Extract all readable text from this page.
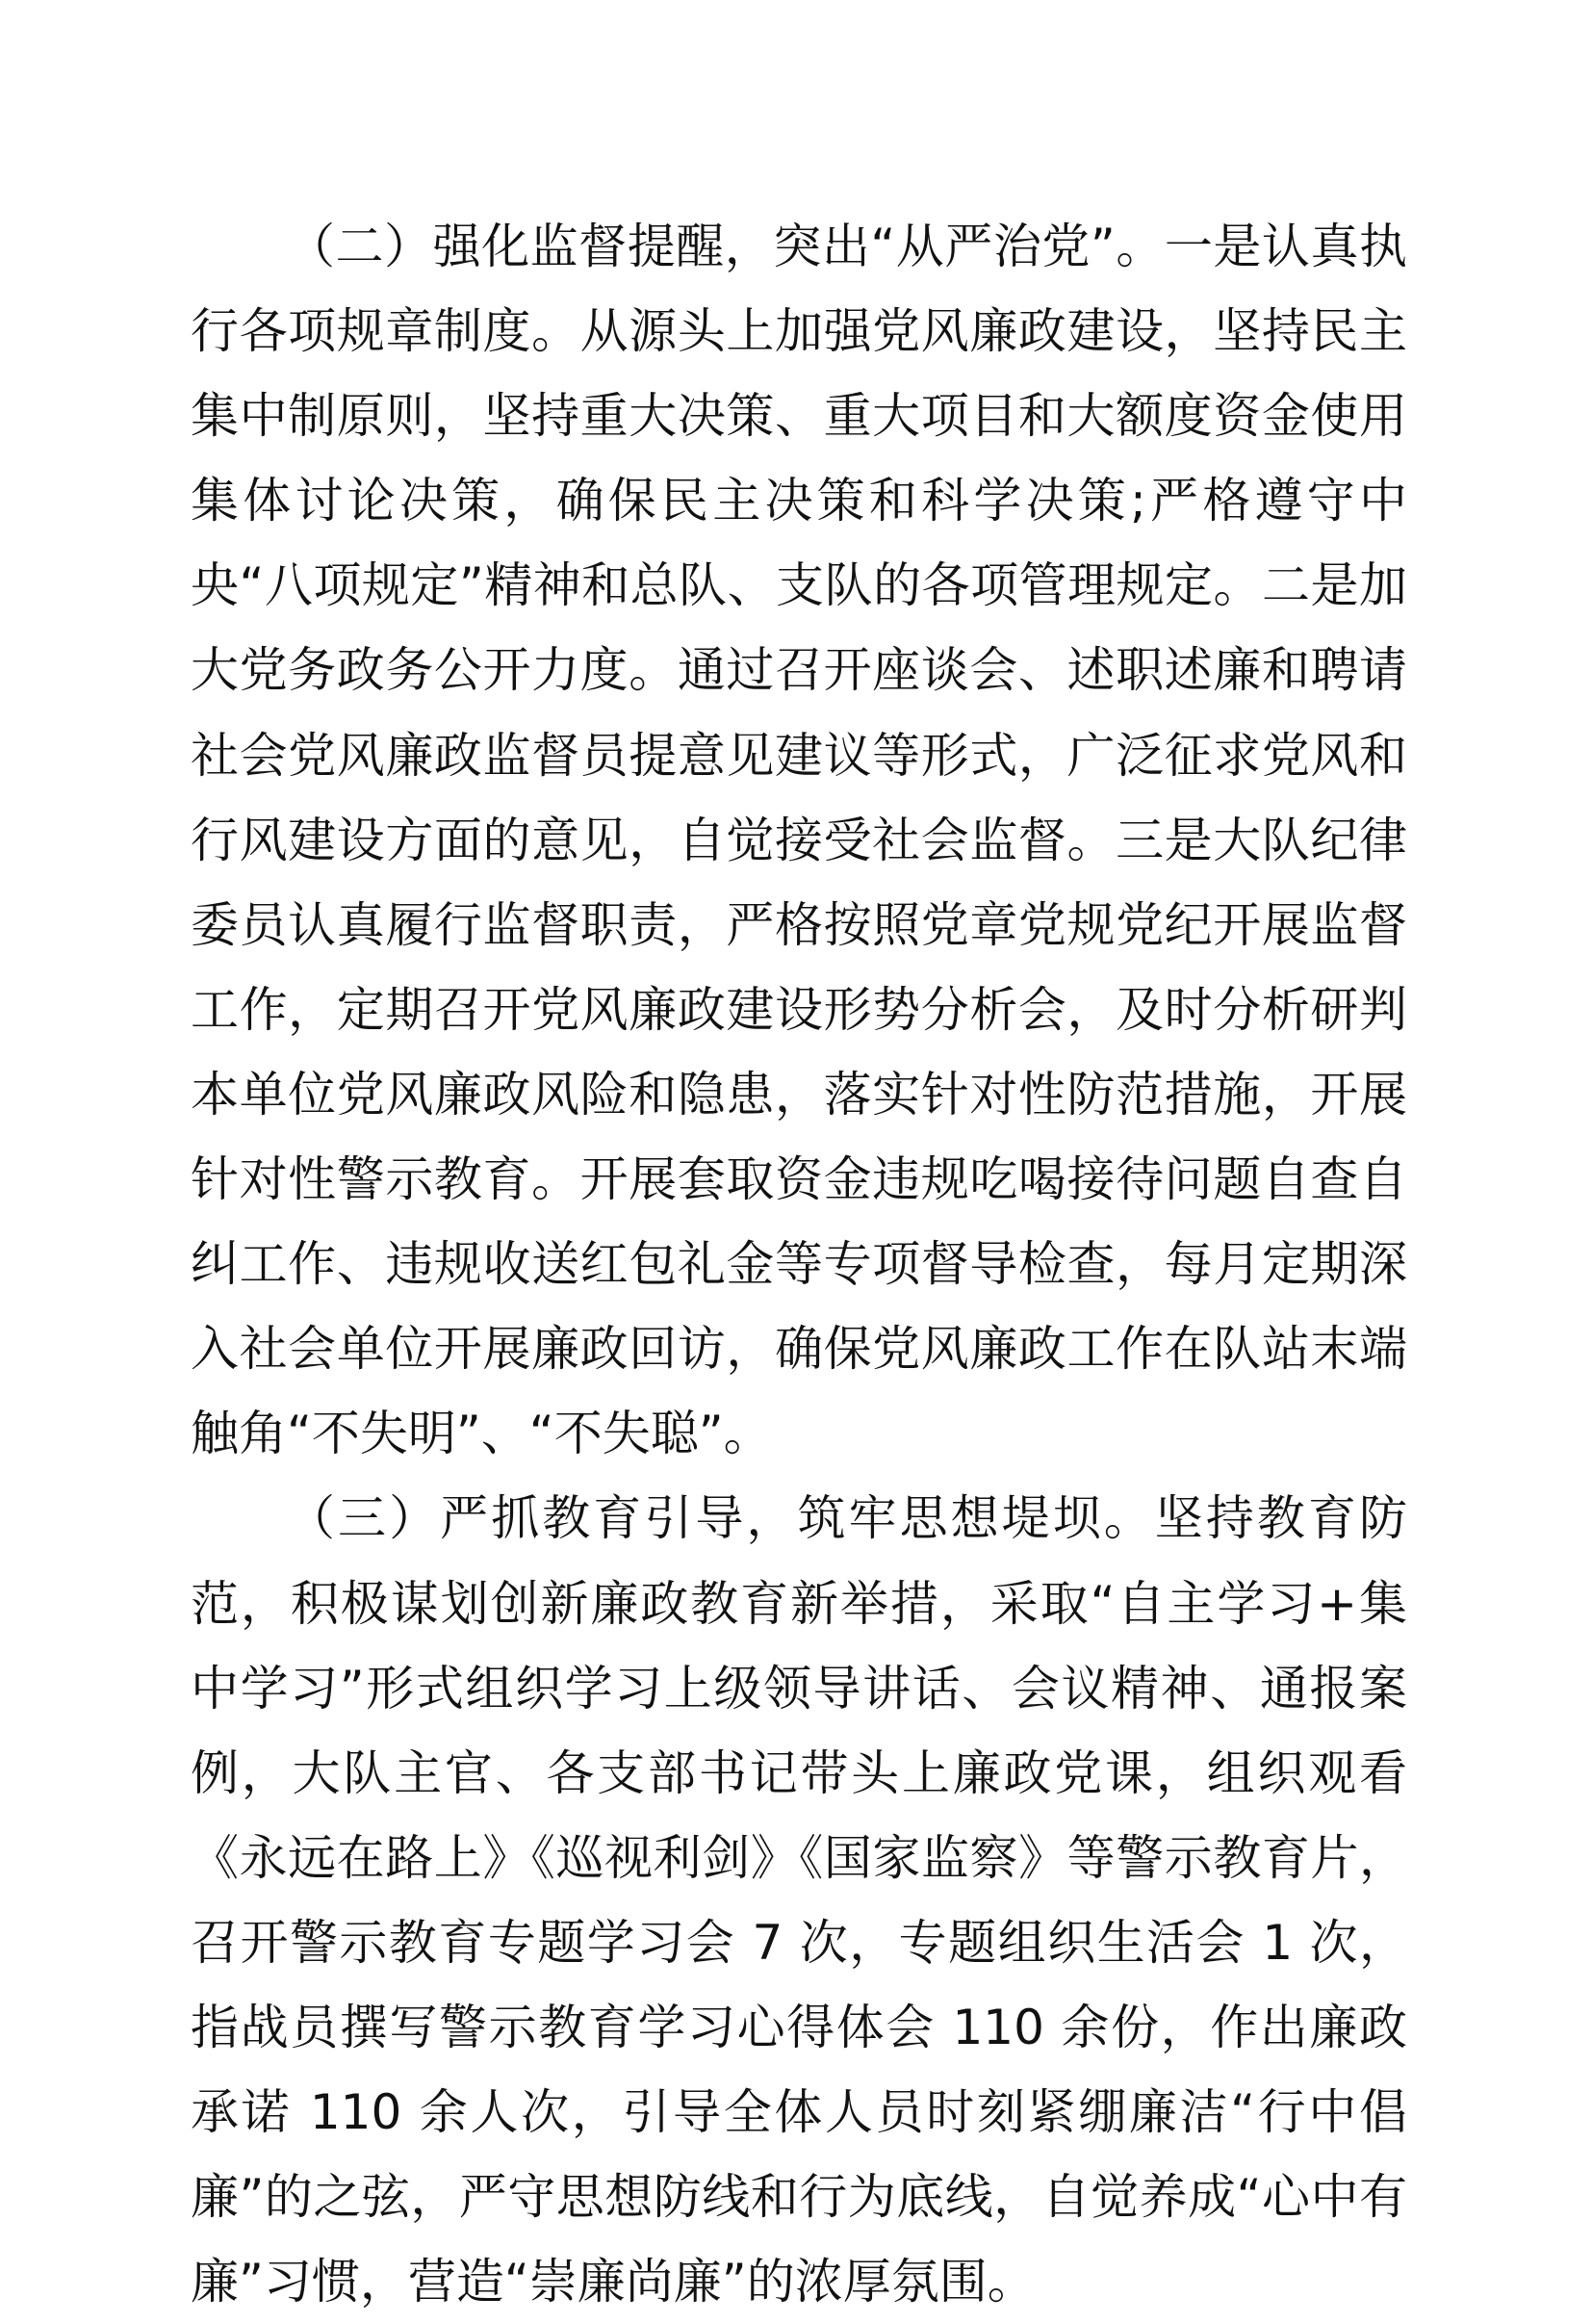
（二）强化监督提醒，突出“从严治党”。一是认真执行各项规章制度。从源头上加强党风廉政建设，坚持民主集中制原则，坚持重大决策、重大项目和大额度资金使用集体讨论决策，确保民主决策和科学决策;严格遵守中央“八项规定”精神和总队、支队的各项管理规定。二是加大党务政务公开力度。通过召开座谈会、述职述廉和聘请社会党风廉政监督员提意见建议等形式，广泛征求党风和行风建设方面的意见，自觉接受社会监督。三是大队纪律委员认真履行监督职责，严格按照党章党规党纪开展监督工作，定期召开党风廉政建设形势分析会，及时分析研判本单位党风廉政风险和隐患，落实针对性防范措施，开展针对性警示教育。开展套取资金违规吃喝接待问题自查自纠工作、违规收送红包礼金等专项督导检查，每月定期深入社会单位开展廉政回访，确保党风廉政工作在队站末端触角“不失明”、“不失聪”。

（三）严抓教育引导，筑牢思想堤坝。坚持教育防范，积极谋划创新廉政教育新举措，采取“自主学习+集中学习”形式组织学习上级领导讲话、会议精神、通报案例，大队主官、各支部书记带头上廉政党课，组织观看《永远在路上》《巡视利剑》《国家监察》等警示教育片，召开警示教育专题学习会 7 次，专题组织生活会 1 次，指战员撰写警示教育学习心得体会 110 余份，作出廉政承诺 110 余人次，引导全体人员时刻紧绷廉洁“行中倡廉”的之弦，严守思想防线和行为底线，自觉养成“心中有廉”习惯，营造“崇廉尚廉”的浓厚氛围。
